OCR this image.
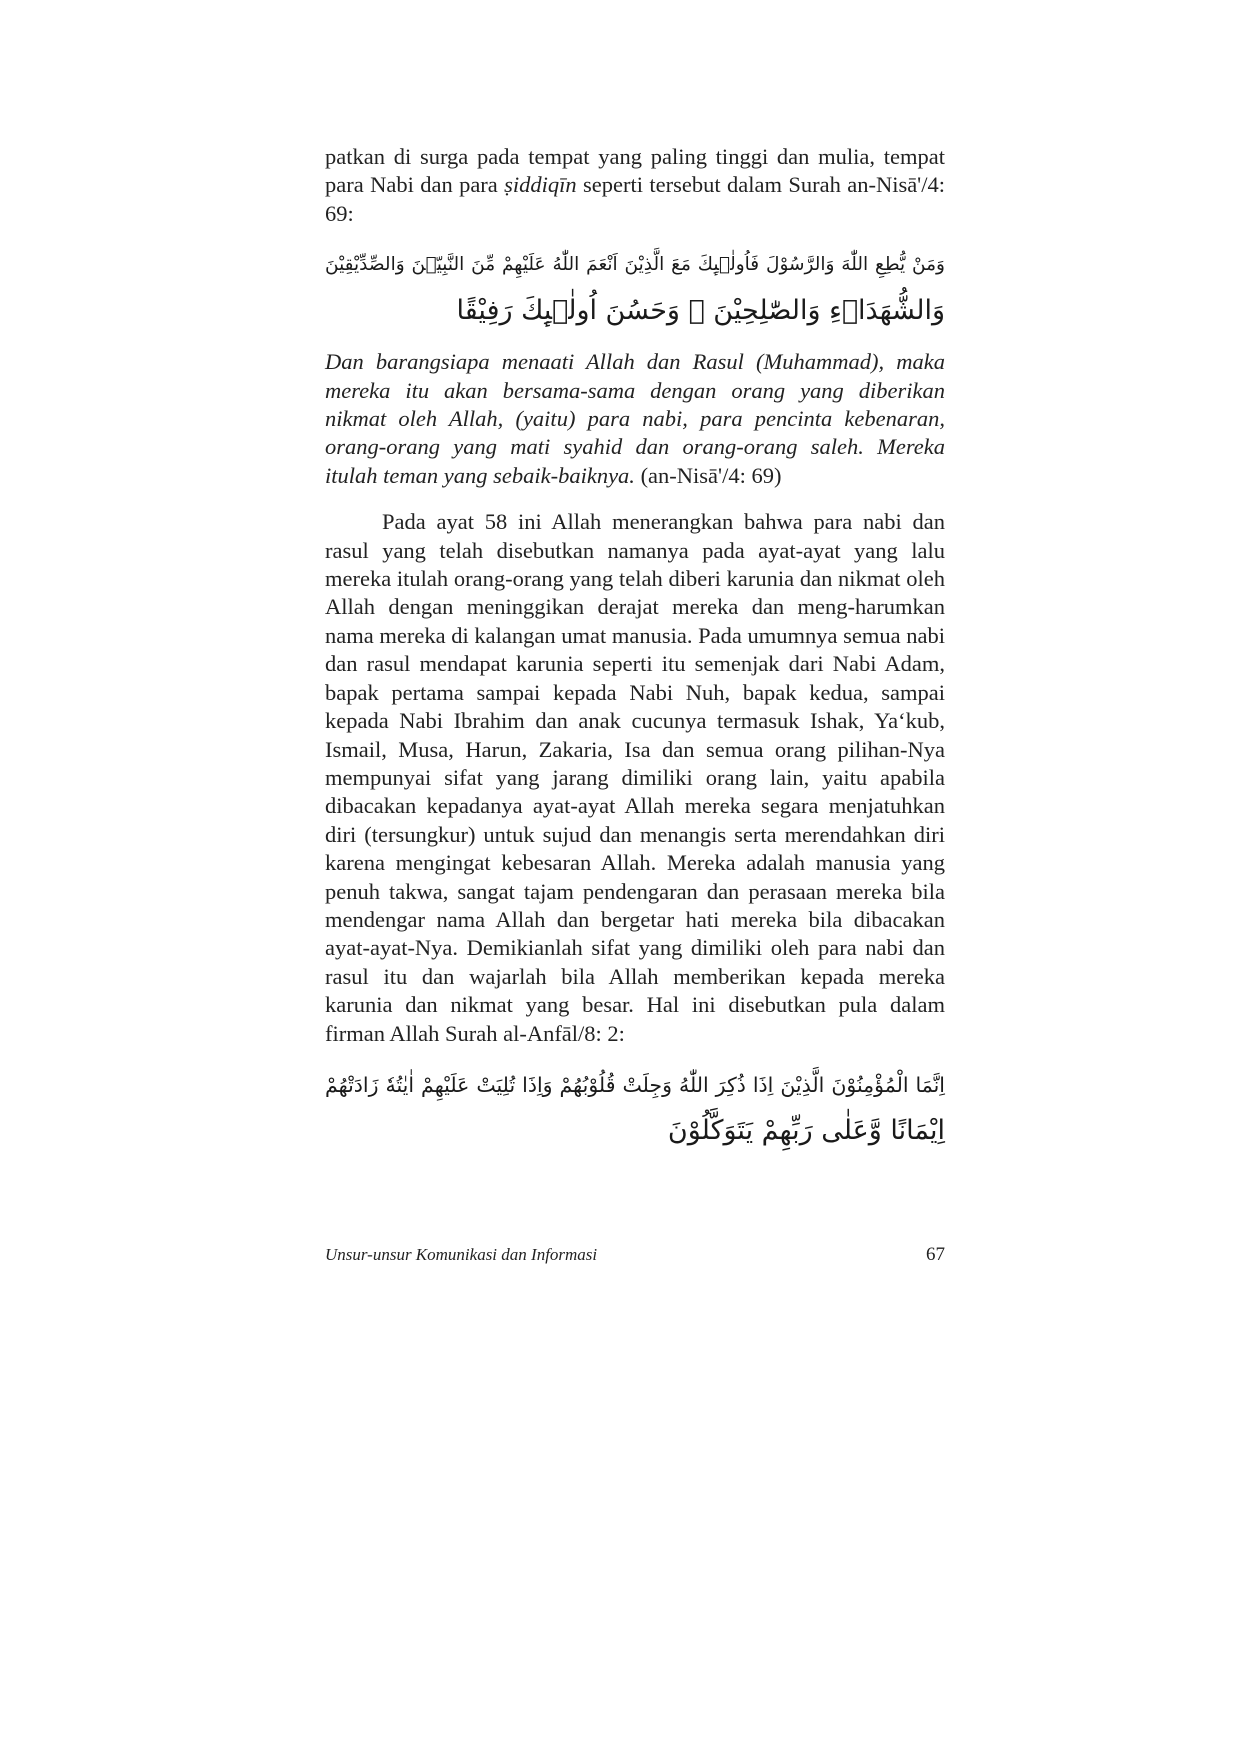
patkan di surga pada tempat yang paling tinggi dan mulia, tempat para Nabi dan para ṣiddiqīn seperti tersebut dalam Surah an-Nisā'/4: 69:

وَمَنْ يُّطِعِ اللّٰهَ وَالرَّسُوْلَ فَاُولٰۤىِٕكَ مَعَ الَّذِيْنَ اَنْعَمَ اللّٰهُ عَلَيْهِمْ مِّنَ النَّبِيّٖنَ وَالصِّدِّيْقِيْنَ
وَالشُّهَدَاۤءِ وَالصّٰلِحِيْنَ ۚ وَحَسُنَ اُولٰۤىِٕكَ رَفِيْقًا

Dan barangsiapa menaati Allah dan Rasul (Muhammad), maka mereka itu akan bersama-sama dengan orang yang diberikan nikmat oleh Allah, (yaitu) para nabi, para pencinta kebenaran, orang-orang yang mati syahid dan orang-orang saleh. Mereka itulah teman yang sebaik-baiknya. (an-Nisā'/4: 69)

Pada ayat 58 ini Allah menerangkan bahwa para nabi dan rasul yang telah disebutkan namanya pada ayat-ayat yang lalu mereka itulah orang-orang yang telah diberi karunia dan nikmat oleh Allah dengan meninggikan derajat mereka dan meng-harumkan nama mereka di kalangan umat manusia. Pada umumnya semua nabi dan rasul mendapat karunia seperti itu semenjak dari Nabi Adam, bapak pertama sampai kepada Nabi Nuh, bapak kedua, sampai kepada Nabi Ibrahim dan anak cucunya termasuk Ishak, Ya‘kub, Ismail, Musa, Harun, Zakaria, Isa dan semua orang pilihan-Nya mempunyai sifat yang jarang dimiliki orang lain, yaitu apabila dibacakan kepadanya ayat-ayat Allah mereka segara menjatuhkan diri (tersungkur) untuk sujud dan menangis serta merendahkan diri karena mengingat kebesaran Allah. Mereka adalah manusia yang penuh takwa, sangat tajam pendengaran dan perasaan mereka bila mendengar nama Allah dan bergetar hati mereka bila dibacakan ayat-ayat-Nya. Demikianlah sifat yang dimiliki oleh para nabi dan rasul itu dan wajarlah bila Allah memberikan kepada mereka karunia dan nikmat yang besar. Hal ini disebutkan pula dalam firman Allah Surah al-Anfāl/8: 2:

اِنَّمَا الْمُؤْمِنُوْنَ الَّذِيْنَ اِذَا ذُكِرَ اللّٰهُ وَجِلَتْ قُلُوْبُهُمْ وَاِذَا تُلِيَتْ عَلَيْهِمْ اٰيٰتُهٗ زَادَتْهُمْ
اِيْمَانًا وَّعَلٰى رَبِّهِمْ يَتَوَكَّلُوْنَ
Unsur-unsur Komunikasi dan Informasi	67
